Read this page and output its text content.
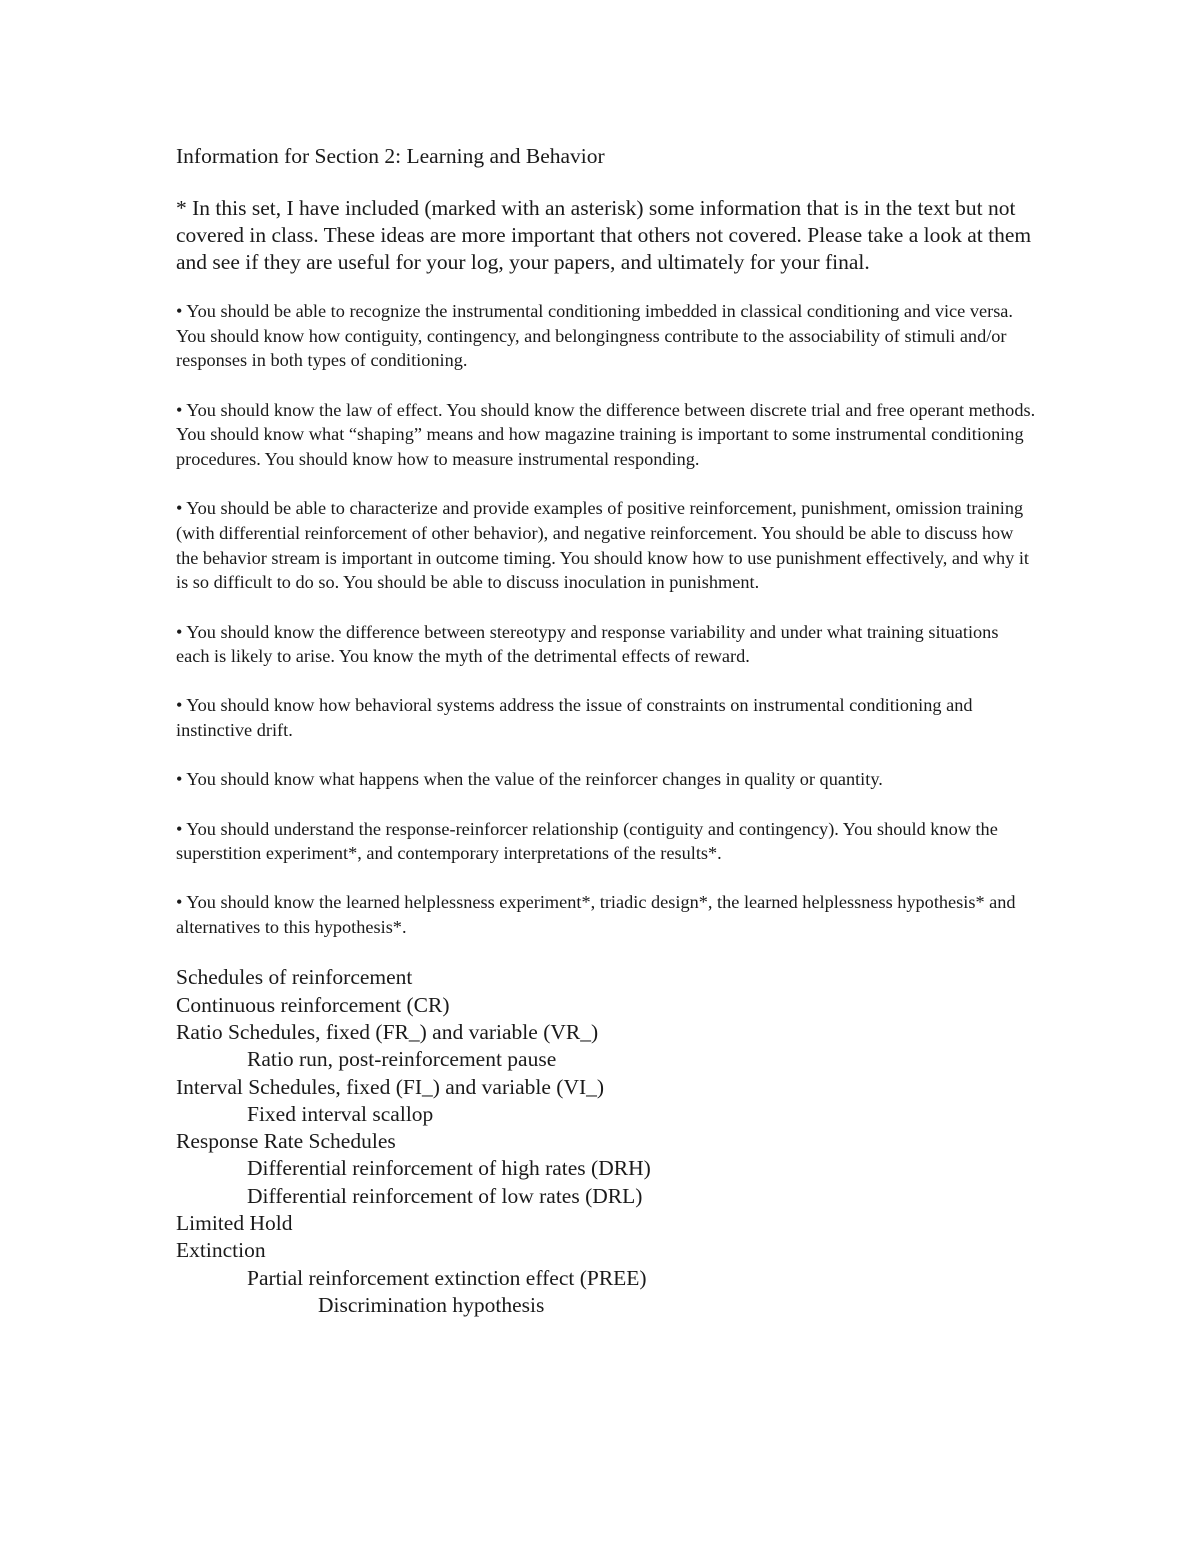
Information for Section 2: Learning and Behavior
* In this set, I have included (marked with an asterisk) some information that is in the text but not covered in class. These ideas are more important that others not covered. Please take a look at them and see if they are useful for your log, your papers, and ultimately for your final.
• You should be able to recognize the instrumental conditioning imbedded in classical conditioning and vice versa. You should know how contiguity, contingency, and belongingness contribute to the associability of stimuli and/or responses in both types of conditioning.
• You should know the law of effect. You should know the difference between discrete trial and free operant methods. You should know what “shaping” means and how magazine training is important to some instrumental conditioning procedures. You should know how to measure instrumental responding.
• You should be able to characterize and provide examples of positive reinforcement, punishment, omission training (with differential reinforcement of other behavior), and negative reinforcement. You should be able to discuss how the behavior stream is important in outcome timing. You should know how to use punishment effectively, and why it is so difficult to do so. You should be able to discuss inoculation in punishment.
• You should know the difference between stereotypy and response variability and under what training situations each is likely to arise. You know the myth of the detrimental effects of reward.
• You should know how behavioral systems address the issue of constraints on instrumental conditioning and instinctive drift.
• You should know what happens when the value of the reinforcer changes in quality or quantity.
• You should understand the response-reinforcer relationship (contiguity and contingency). You should know the superstition experiment*, and contemporary interpretations of the results*.
• You should know the learned helplessness experiment*, triadic design*, the learned helplessness hypothesis* and alternatives to this hypothesis*.
Schedules of reinforcement
Continuous reinforcement (CR)
Ratio Schedules, fixed (FR_) and variable (VR_)
Ratio run, post-reinforcement pause
Interval Schedules, fixed (FI_) and variable (VI_)
Fixed interval scallop
Response Rate Schedules
Differential reinforcement of high rates (DRH)
Differential reinforcement of low rates (DRL)
Limited Hold
Extinction
Partial reinforcement extinction effect (PREE)
Discrimination hypothesis
